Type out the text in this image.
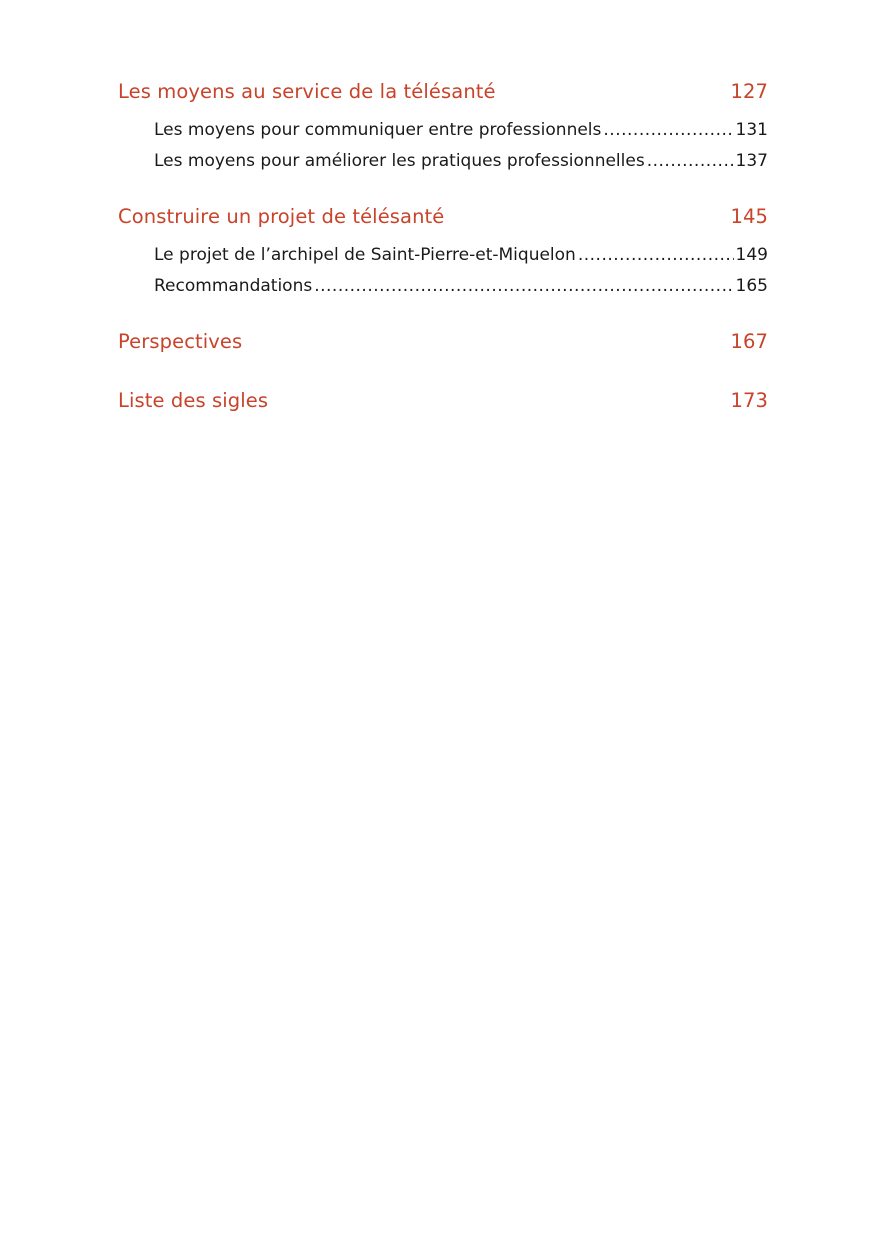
Les moyens au service de la télésanté	127
Les moyens pour communiquer entre professionnels .....	131
Les moyens pour améliorer les pratiques professionnelles .....	137
Construire un projet de télésanté	145
Le projet de l’archipel de Saint-Pierre-et-Miquelon .....	149
Recommandations .....	165
Perspectives	167
Liste des sigles	173
